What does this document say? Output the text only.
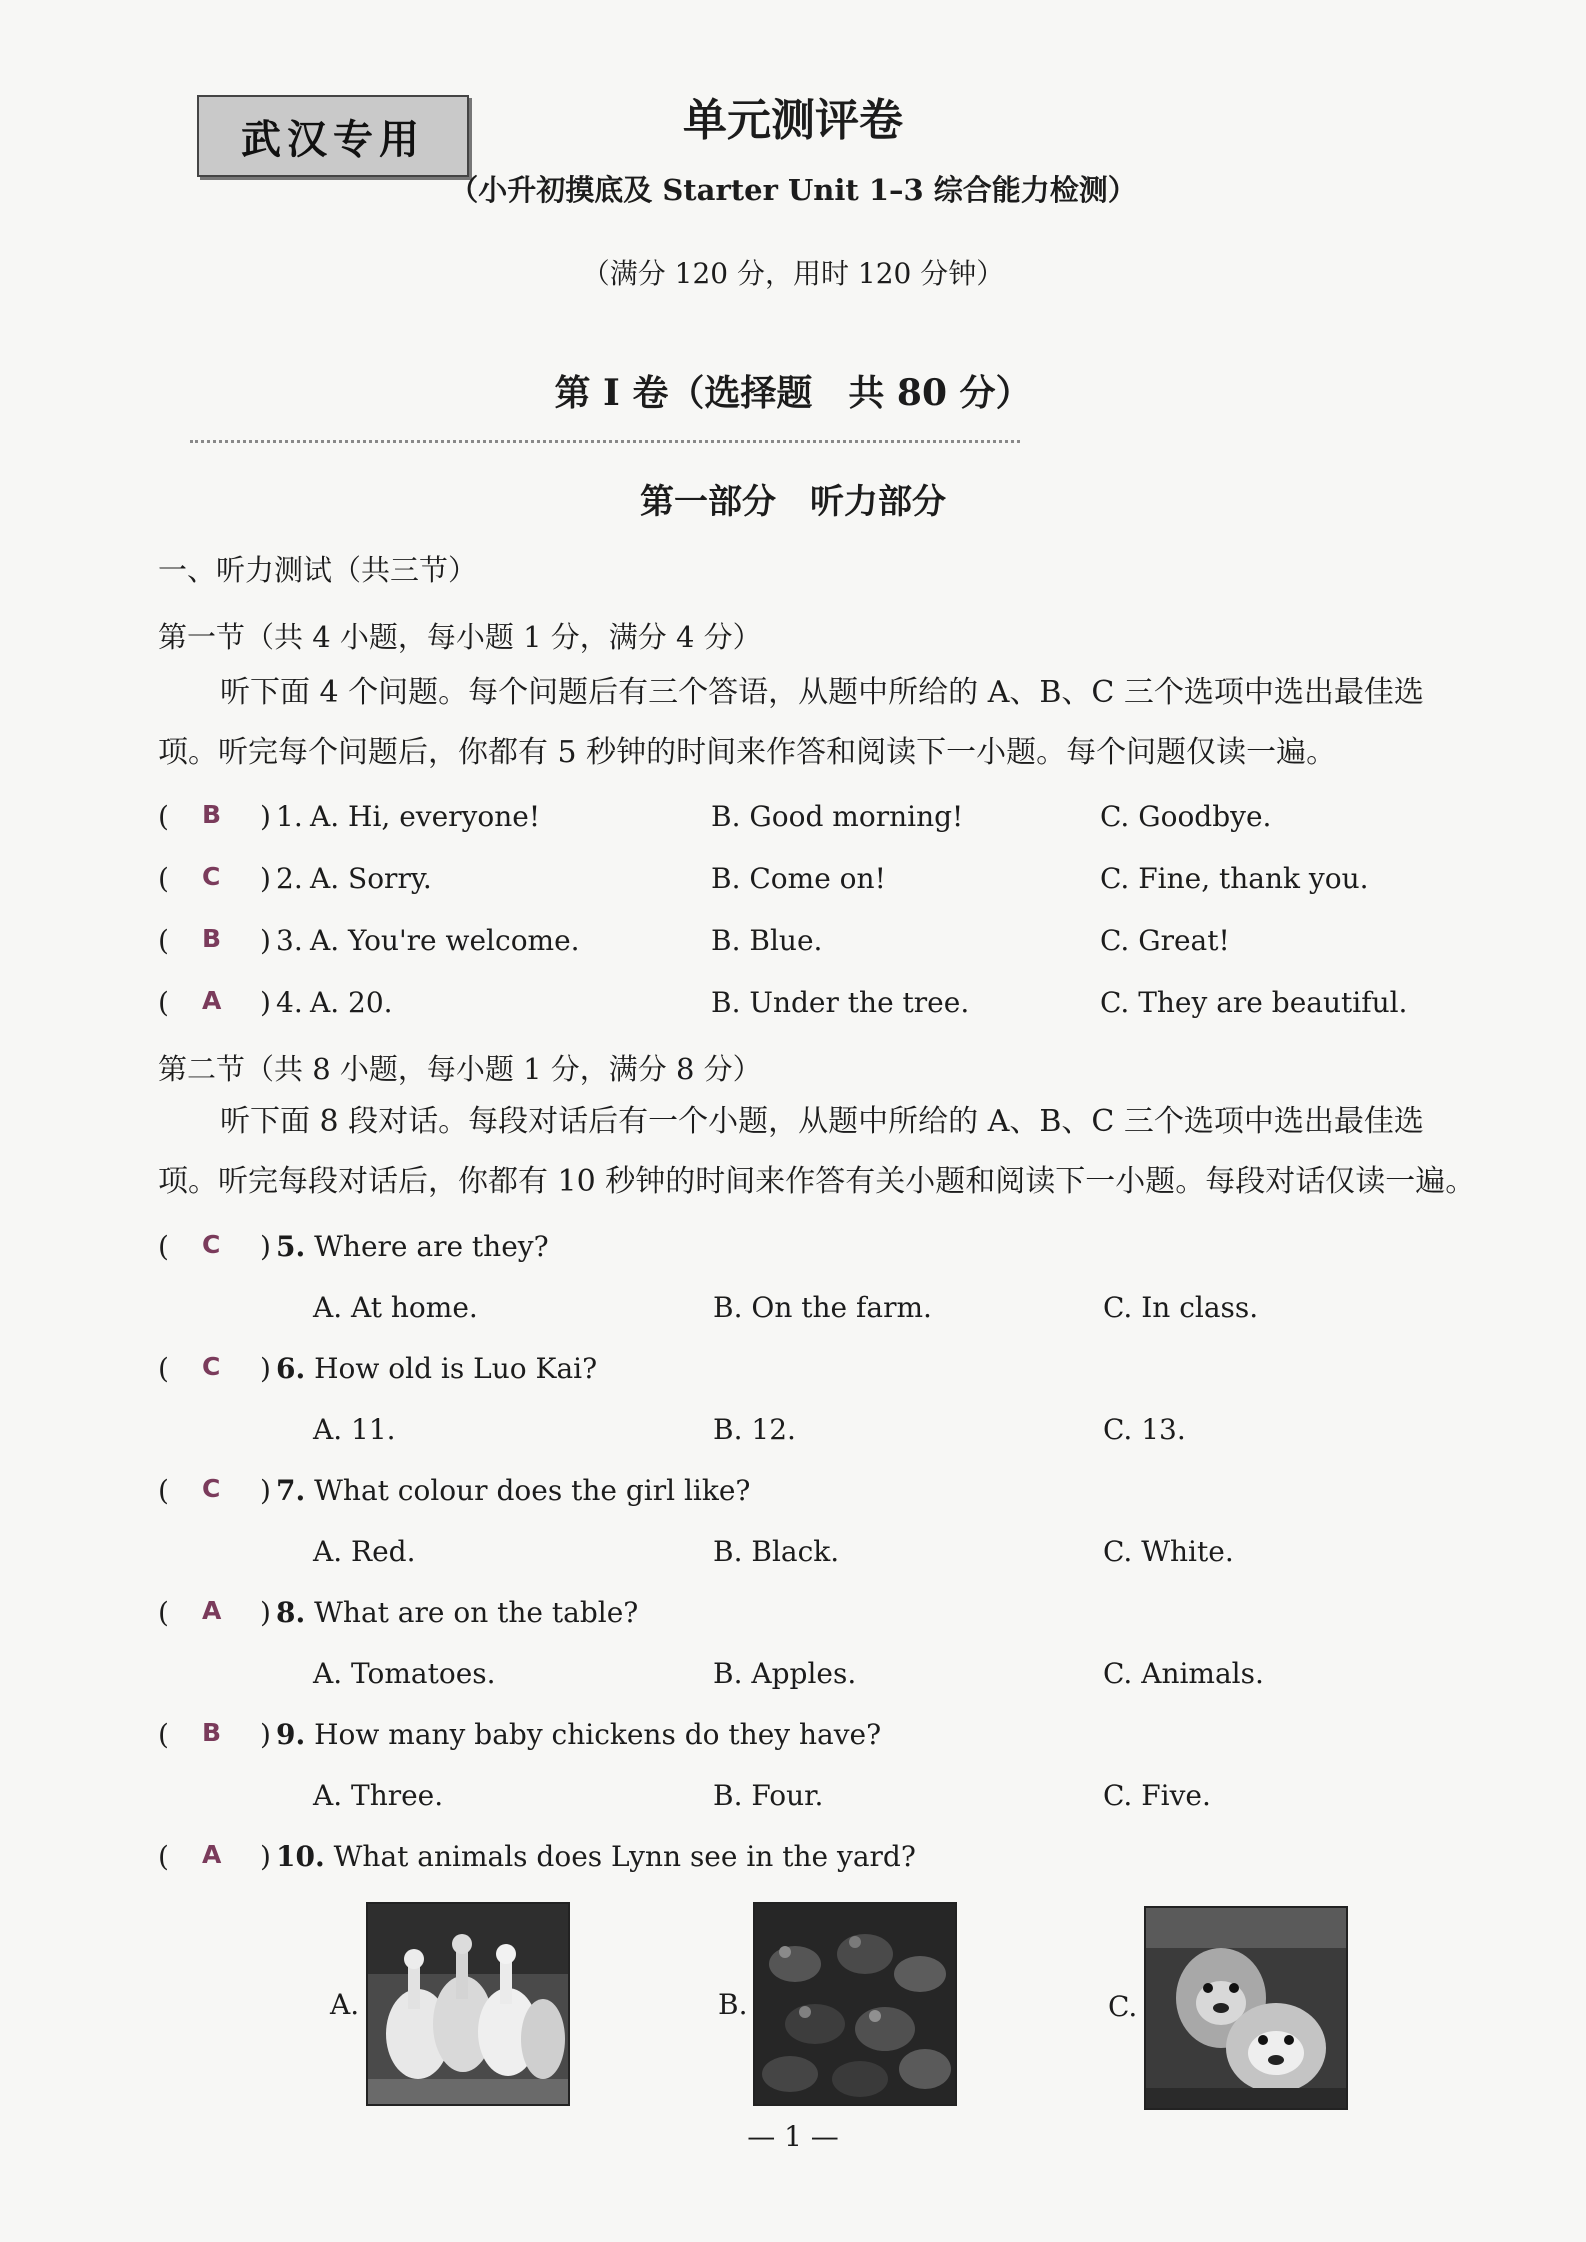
武汉专用	单元测评卷
（小升初摸底及 Starter Unit 1–3 综合能力检测）
（满分 120 分，用时 120 分钟）
第 I 卷（选择题　共 80 分）
第一部分　听力部分
一、听力测试（共三节）
第一节（共 4 小题，每小题 1 分，满分 4 分）
听下面 4 个问题。每个问题后有三个答语，从题中所给的 A、B、C 三个选项中选出最佳选项。听完每个问题后，你都有 5 秒钟的时间来作答和阅读下一小题。每个问题仅读一遍。
( B ) 1. A. Hi, everyone!	B. Good morning!	C. Goodbye.
( C ) 2. A. Sorry.	B. Come on!	C. Fine, thank you.
( B ) 3. A. You're welcome.	B. Blue.	C. Great!
( A ) 4. A. 20.	B. Under the tree.	C. They are beautiful.
第二节（共 8 小题，每小题 1 分，满分 8 分）
听下面 8 段对话。每段对话后有一个小题，从题中所给的 A、B、C 三个选项中选出最佳选项。听完每段对话后，你都有 10 秒钟的时间来作答有关小题和阅读下一小题。每段对话仅读一遍。
( C ) 5. Where are they?
A. At home.	B. On the farm.	C. In class.
( C ) 6. How old is Luo Kai?
A. 11.	B. 12.	C. 13.
( C ) 7. What colour does the girl like?
A. Red.	B. Black.	C. White.
( A ) 8. What are on the table?
A. Tomatoes.	B. Apples.	C. Animals.
( B ) 9. How many baby chickens do they have?
A. Three.	B. Four.	C. Five.
( A ) 10. What animals does Lynn see in the yard?
A.	B.	C.
— 1 —
